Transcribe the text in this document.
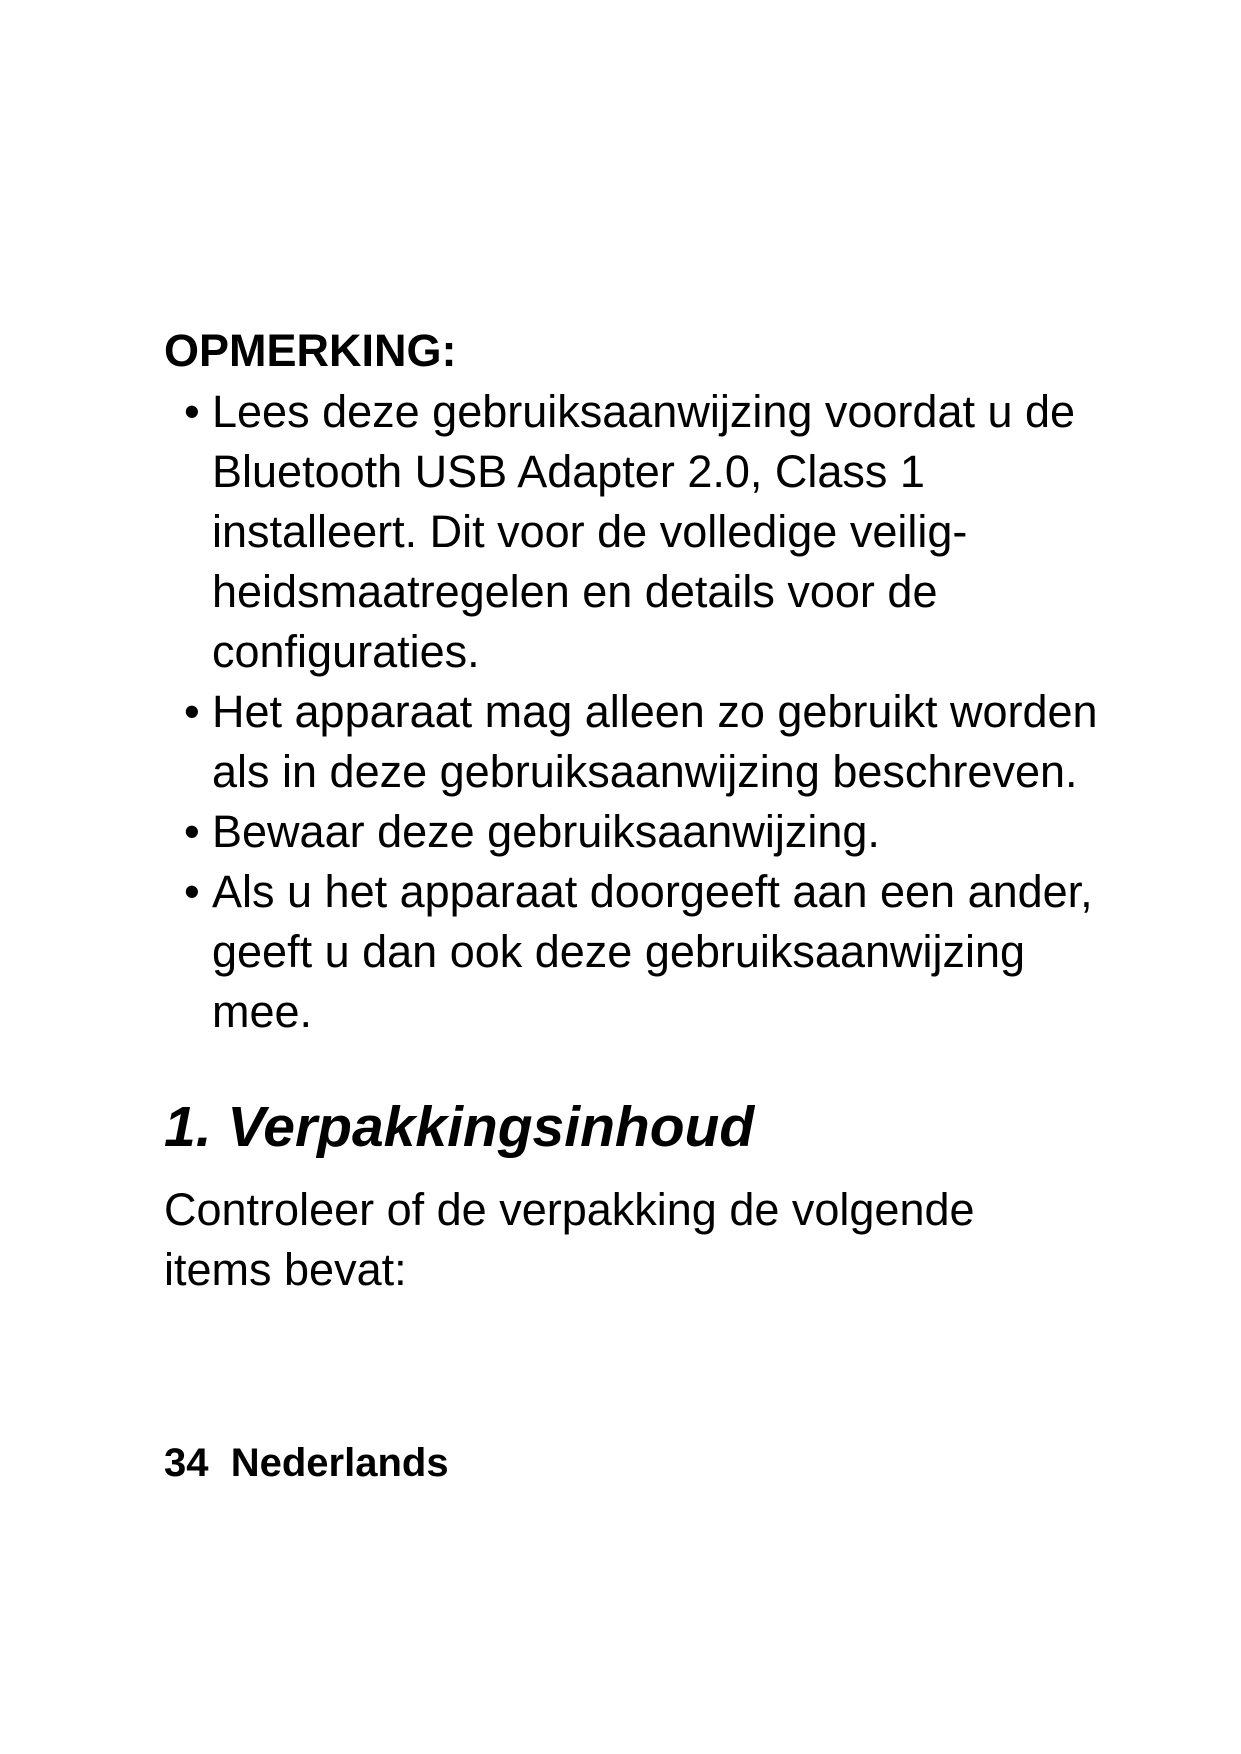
OPMERKING:

• Lees deze gebruiksaanwijzing voordat u de Bluetooth USB Adapter 2.0, Class 1 installeert. Dit voor de volledige veiligheidsmaatregelen en details voor de configuraties.
• Het apparaat mag alleen zo gebruikt worden als in deze gebruiksaanwijzing beschreven.
• Bewaar deze gebruiksaanwijzing.
• Als u het apparaat doorgeeft aan een ander, geeft u dan ook deze gebruiksaanwijzing mee.
1. Verpakkingsinhoud

Controleer of de verpakking de volgende items bevat:

34 Nederlands
